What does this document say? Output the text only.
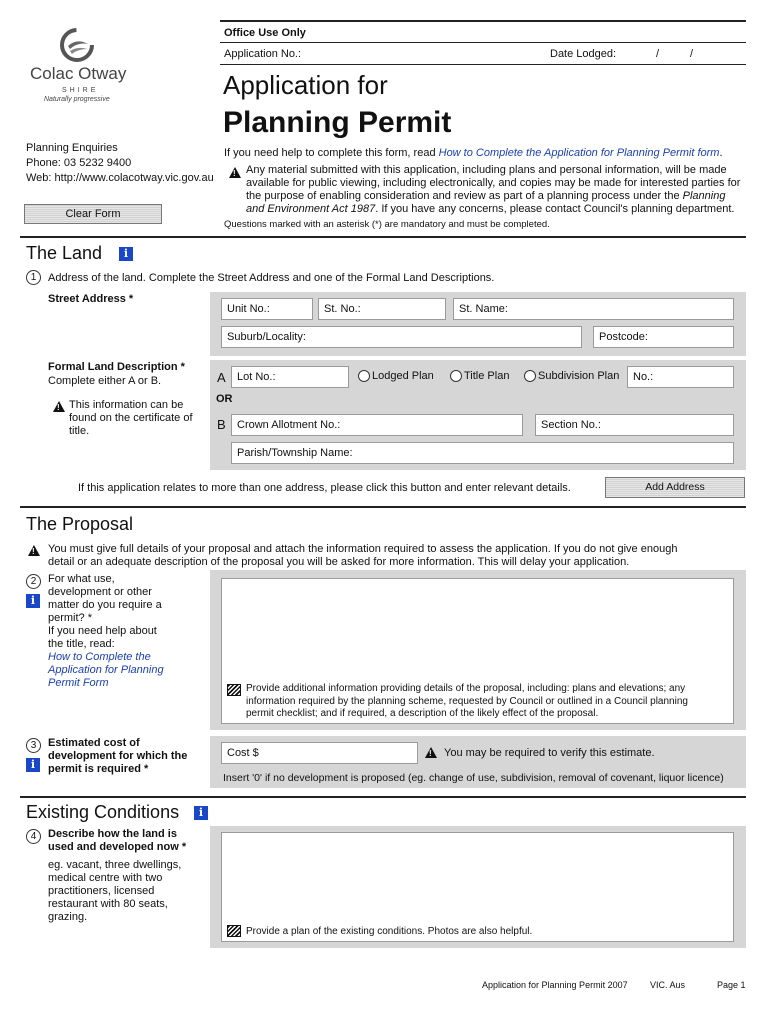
Colac Otway
SHIRE
Naturally progressive
Office Use Only
Application No.:	Date Lodged:	/	/
Application for
Planning Permit
Planning Enquiries
Phone: 03 5232 9400
Web: http://www.colacotway.vic.gov.au
Clear Form
If you need help to complete this form, read How to Complete the Application for Planning Permit form.
!
Any material submitted with this application, including plans and personal information, will be made available for public viewing, including electronically, and copies may be made for interested parties for the purpose of enabling consideration and review as part of a planning process under the Planning and Environment Act 1987. If you have any concerns, please contact Council's planning department.
Questions marked with an asterisk (*) are mandatory and must be completed.
The Land	i
1	Address of the land. Complete the Street Address and one of the Formal Land Descriptions.
Street Address *
Unit No.:	St. No.:	St. Name:
Suburb/Locality:	Postcode:
Formal Land Description *
Complete either A or B.
!
This information can be found on the certificate of title.
A	Lot No.:	Lodged Plan	Title Plan	Subdivision Plan	No.:
OR
B	Crown Allotment No.:	Section No.:
Parish/Township Name:
If this application relates to more than one address, please click this button and enter relevant details.	Add Address
The Proposal
!
You must give full details of your proposal and attach the information required to assess the application. If you do not give enough detail or an adequate description of the proposal you will be asked for more information. This will delay your application.
2
i
For what use, development or other matter do you require a permit? *
If you need help about the title, read:
How to Complete the Application for Planning Permit Form	Provide additional information providing details of the proposal, including: plans and elevations; any information required by the planning scheme, requested by Council or outlined in a Council planning permit checklist; and if required, a description of the likely effect of the proposal.
3
i
Estimated cost of development for which the permit is required *
Cost $
!	You may be required to verify this estimate.
Insert '0' if no development is proposed (eg. change of use, subdivision, removal of covenant, liquor licence)
Existing Conditions	i
4	Describe how the land is used and developed now *
eg. vacant, three dwellings, medical centre with two practitioners, licensed restaurant with 80 seats, grazing.
Provide a plan of the existing conditions. Photos are also helpful.
Application for Planning Permit 2007 VIC. Aus	Page 1
